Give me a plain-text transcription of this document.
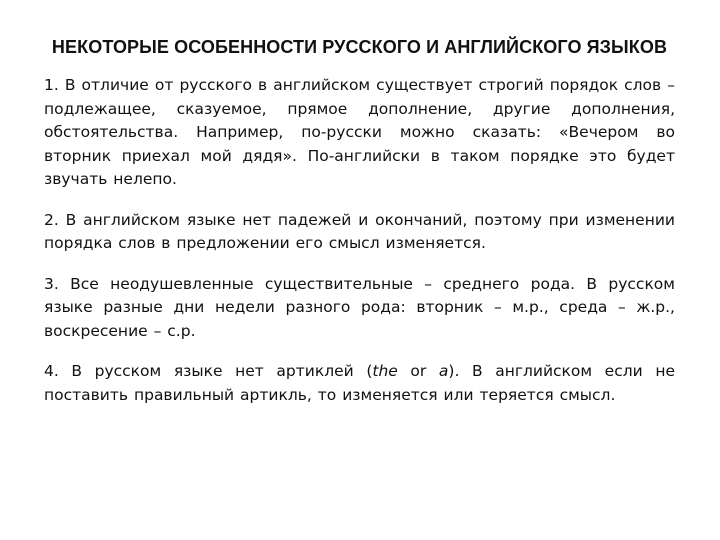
НЕКОТОРЫЕ ОСОБЕННОСТИ РУССКОГО И АНГЛИЙСКОГО ЯЗЫКОВ

1. В отличие от русского в английском существует строгий порядок слов – подлежащее, сказуемое, прямое дополнение, другие дополнения, обстоятельства. Например, по-русски можно сказать: «Вечером во вторник приехал мой дядя». По-английски в таком порядке это будет звучать нелепо.

2. В английском языке нет падежей и окончаний, поэтому при изменении порядка слов в предложении его смысл изменяется.

3. Все неодушевленные существительные – среднего рода. В русском языке разные дни недели разного рода: вторник – м.р., среда – ж.р., воскресение – с.р.

4. В русском языке нет артиклей (the or a). В английском если не поставить правильный артикль, то изменяется или теряется смысл.
